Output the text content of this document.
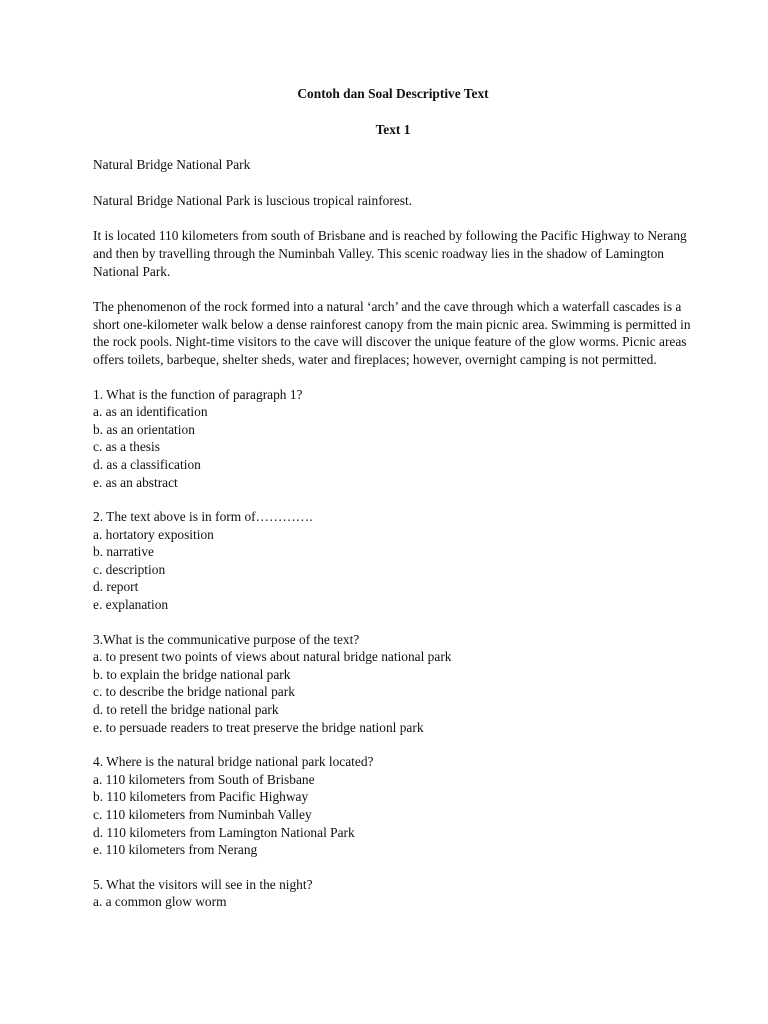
Contoh dan Soal Descriptive Text
Text 1
Natural Bridge National Park

Natural Bridge National Park is luscious tropical rainforest.

It is located 110 kilometers from south of Brisbane and is reached by following the Pacific Highway to Nerang and then by travelling through the Numinbah Valley. This scenic roadway lies in the shadow of Lamington National Park.

The phenomenon of the rock formed into a natural ‘arch’ and the cave through which a waterfall cascades is a short one-kilometer walk below a dense rainforest canopy from the main picnic area. Swimming is permitted in the rock pools. Night-time visitors to the cave will discover the unique feature of the glow worms. Picnic areas offers toilets, barbeque, shelter sheds, water and fireplaces; however, overnight camping is not permitted.

1. What is the function of paragraph 1?
a. as an identification
b. as an orientation
c. as a thesis
d. as a classification
e. as an abstract
2. The text above is in form of………….
a. hortatory exposition
b. narrative
c. description
d. report
e. explanation
3.What is the communicative purpose of the text?
a. to present two points of views about natural bridge national park
b. to explain the bridge national park
c. to describe the bridge national park
d. to retell the bridge national park
e. to persuade readers to treat preserve the bridge nationl park
4. Where is the natural bridge national park located?
a. 110 kilometers from South of Brisbane
b. 110 kilometers from Pacific Highway
c. 110 kilometers from Numinbah Valley
d. 110 kilometers from Lamington National Park
e. 110 kilometers from Nerang
5. What the visitors will see in the night?
a. a common glow worm
